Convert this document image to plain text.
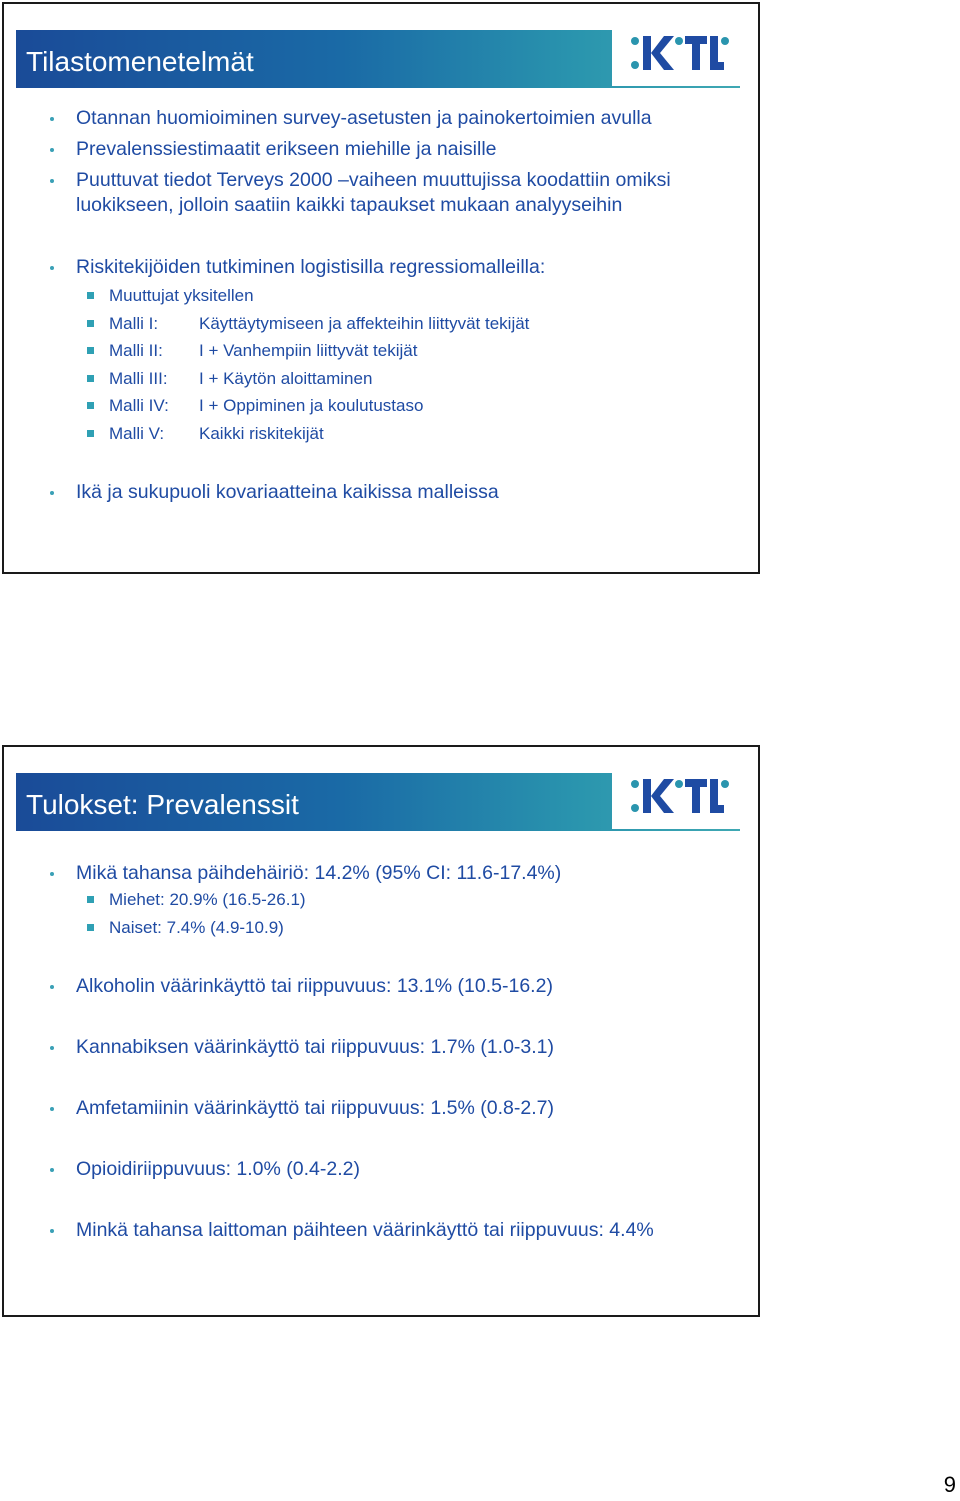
Tilastomenetelmät
Otannan huomioiminen survey-asetusten ja painokertoimien avulla
Prevalenssiestimaatit erikseen miehille ja naisille
Puuttuvat tiedot Terveys 2000 –vaiheen muuttujissa koodattiin omiksi luokikseen, jolloin saatiin kaikki tapaukset mukaan analyyseihin
Riskitekijöiden tutkiminen logistisilla regressiomalleilla:
Muuttujat yksitellen
Malli I: Käyttäytymiseen ja affekteihin liittyvät tekijät
Malli II: I + Vanhempiin liittyvät tekijät
Malli III: I + Käytön aloittaminen
Malli IV: I + Oppiminen ja koulutustaso
Malli V: Kaikki riskitekijät
Ikä ja sukupuoli kovariaatteina kaikissa malleissa
Tulokset: Prevalenssit
Mikä tahansa päihdehäiriö: 14.2% (95% CI: 11.6-17.4%)
Miehet: 20.9% (16.5-26.1)
Naiset: 7.4% (4.9-10.9)
Alkoholin väärinkäyttö tai riippuvuus: 13.1% (10.5-16.2)
Kannabiksen väärinkäyttö tai riippuvuus: 1.7% (1.0-3.1)
Amfetamiinin väärinkäyttö tai riippuvuus: 1.5% (0.8-2.7)
Opioidiriippuvuus: 1.0% (0.4-2.2)
Minkä tahansa laittoman päihteen väärinkäyttö tai riippuvuus: 4.4%
9
